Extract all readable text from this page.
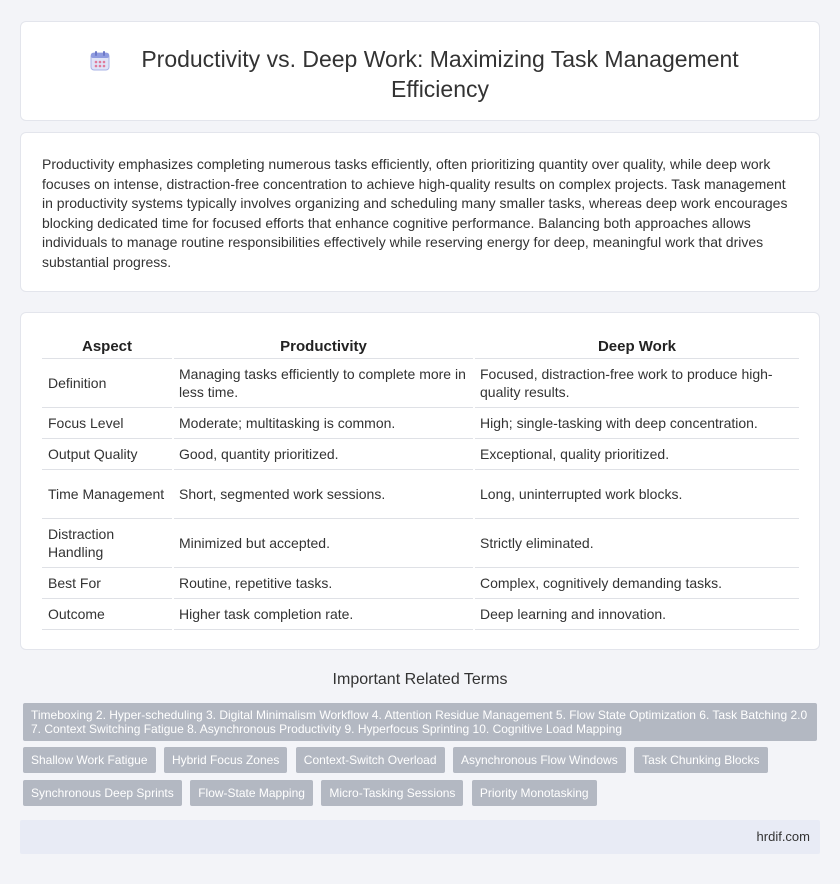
Productivity vs. Deep Work: Maximizing Task Management Efficiency

Productivity emphasizes completing numerous tasks efficiently, often prioritizing quantity over quality, while deep work focuses on intense, distraction-free concentration to achieve high-quality results on complex projects. Task management in productivity systems typically involves organizing and scheduling many smaller tasks, whereas deep work encourages blocking dedicated time for focused efforts that enhance cognitive performance. Balancing both approaches allows individuals to manage routine responsibilities effectively while reserving energy for deep, meaningful work that drives substantial progress.

Aspect	Productivity	Deep Work
Definition	Managing tasks efficiently to complete more in less time.	Focused, distraction-free work to produce high-quality results.
Focus Level	Moderate; multitasking is common.	High; single-tasking with deep concentration.
Output Quality	Good, quantity prioritized.	Exceptional, quality prioritized.
Time Management	Short, segmented work sessions.	Long, uninterrupted work blocks.
Distraction Handling	Minimized but accepted.	Strictly eliminated.
Best For	Routine, repetitive tasks.	Complex, cognitively demanding tasks.
Outcome	Higher task completion rate.	Deep learning and innovation.
Important Related Terms
Timeboxing 2. Hyper-scheduling 3. Digital Minimalism Workflow 4. Attention Residue Management 5. Flow State Optimization 6. Task Batching 2.0 7. Context Switching Fatigue 8. Asynchronous Productivity 9. Hyperfocus Sprinting 10. Cognitive Load Mapping
Shallow Work Fatigue Hybrid Focus Zones Context-Switch Overload Asynchronous Flow Windows Task Chunking Blocks Synchronous Deep Sprints Flow-State Mapping Micro-Tasking Sessions Priority Monotasking
hrdif.com
